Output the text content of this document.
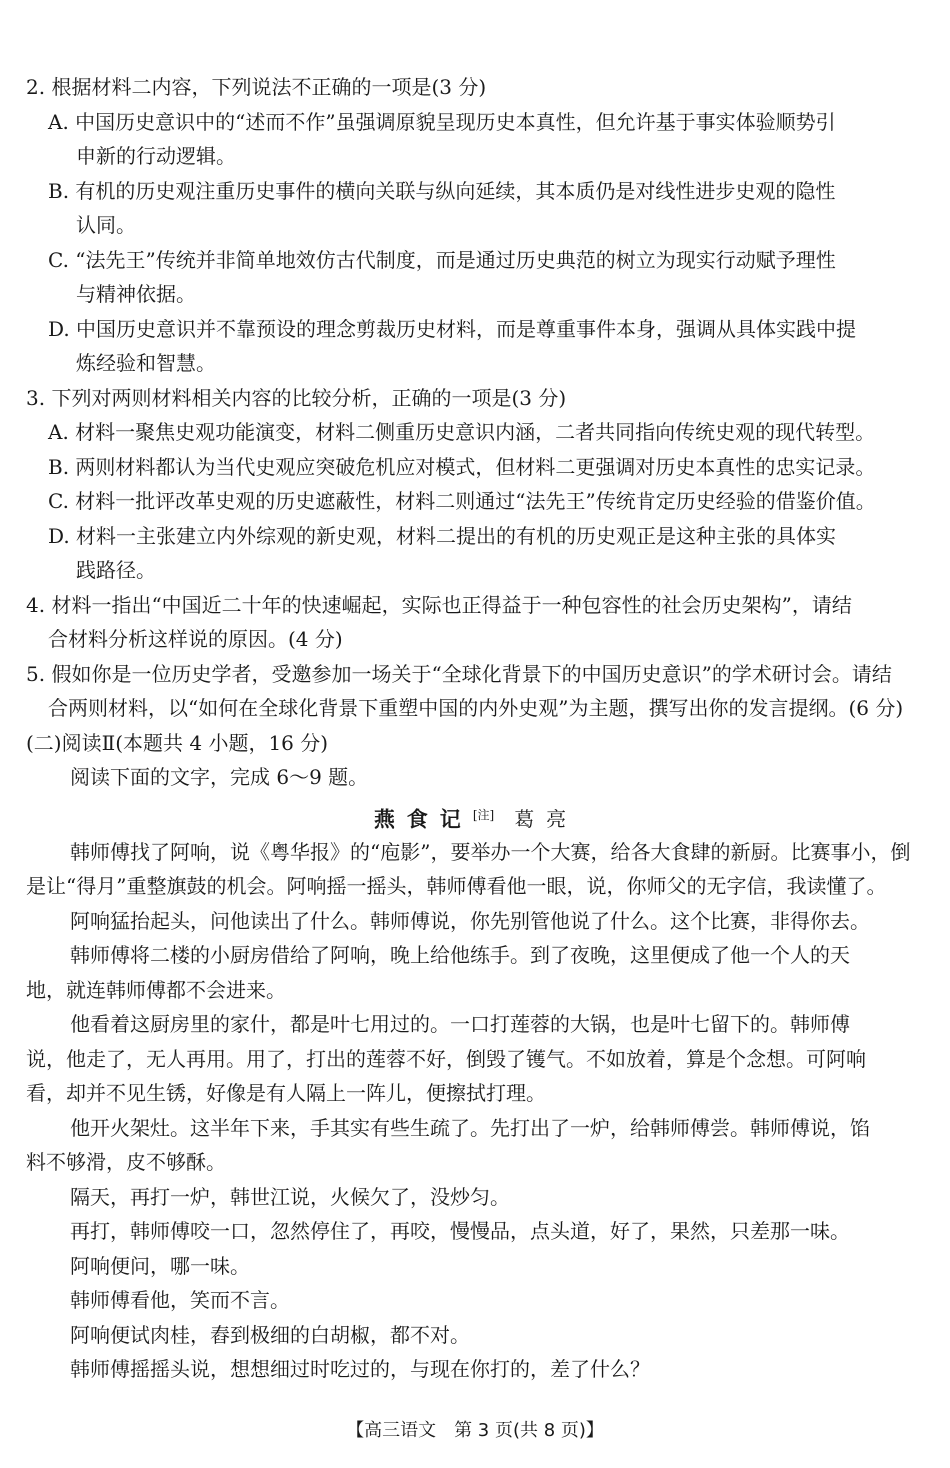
2. 根据材料二内容，下列说法不正确的一项是(3 分)
A. 中国历史意识中的“述而不作”虽强调原貌呈现历史本真性，但允许基于事实体验顺势引
申新的行动逻辑。
B. 有机的历史观注重历史事件的横向关联与纵向延续，其本质仍是对线性进步史观的隐性
认同。
C. “法先王”传统并非简单地效仿古代制度，而是通过历史典范的树立为现实行动赋予理性
与精神依据。
D. 中国历史意识并不靠预设的理念剪裁历史材料，而是尊重事件本身，强调从具体实践中提
炼经验和智慧。
3. 下列对两则材料相关内容的比较分析，正确的一项是(3 分)
A. 材料一聚焦史观功能演变，材料二侧重历史意识内涵，二者共同指向传统史观的现代转型。
B. 两则材料都认为当代史观应突破危机应对模式，但材料二更强调对历史本真性的忠实记录。
C. 材料一批评改革史观的历史遮蔽性，材料二则通过“法先王”传统肯定历史经验的借鉴价值。
D. 材料一主张建立内外综观的新史观，材料二提出的有机的历史观正是这种主张的具体实
践路径。
4. 材料一指出“中国近二十年的快速崛起，实际也正得益于一种包容性的社会历史架构”，请结
合材料分析这样说的原因。(4 分)
5. 假如你是一位历史学者，受邀参加一场关于“全球化背景下的中国历史意识”的学术研讨会。请结
合两则材料，以“如何在全球化背景下重塑中国的内外史观”为主题，撰写出你的发言提纲。(6 分)
(二)阅读Ⅱ(本题共 4 小题，16 分)
阅读下面的文字，完成 6～9 题。
燕食记[注] 葛亮
韩师傅找了阿响，说《粤华报》的“庖影”，要举办一个大赛，给各大食肆的新厨。比赛事小，倒
是让“得月”重整旗鼓的机会。阿响摇一摇头，韩师傅看他一眼，说，你师父的无字信，我读懂了。
阿响猛抬起头，问他读出了什么。韩师傅说，你先别管他说了什么。这个比赛，非得你去。
韩师傅将二楼的小厨房借给了阿响，晚上给他练手。到了夜晚，这里便成了他一个人的天
地，就连韩师傅都不会进来。
他看着这厨房里的家什，都是叶七用过的。一口打莲蓉的大锅，也是叶七留下的。韩师傅
说，他走了，无人再用。用了，打出的莲蓉不好，倒毁了镬气。不如放着，算是个念想。可阿响
看，却并不见生锈，好像是有人隔上一阵儿，便擦拭打理。
他开火架灶。这半年下来，手其实有些生疏了。先打出了一炉，给韩师傅尝。韩师傅说，馅
料不够滑，皮不够酥。
隔天，再打一炉，韩世江说，火候欠了，没炒匀。
再打，韩师傅咬一口，忽然停住了，再咬，慢慢品，点头道，好了，果然，只差那一味。
阿响便问，哪一味。
韩师傅看他，笑而不言。
阿响便试肉桂，舂到极细的白胡椒，都不对。
韩师傅摇摇头说，想想细过时吃过的，与现在你打的，差了什么？
【高三语文　第 3 页(共 8 页)】
